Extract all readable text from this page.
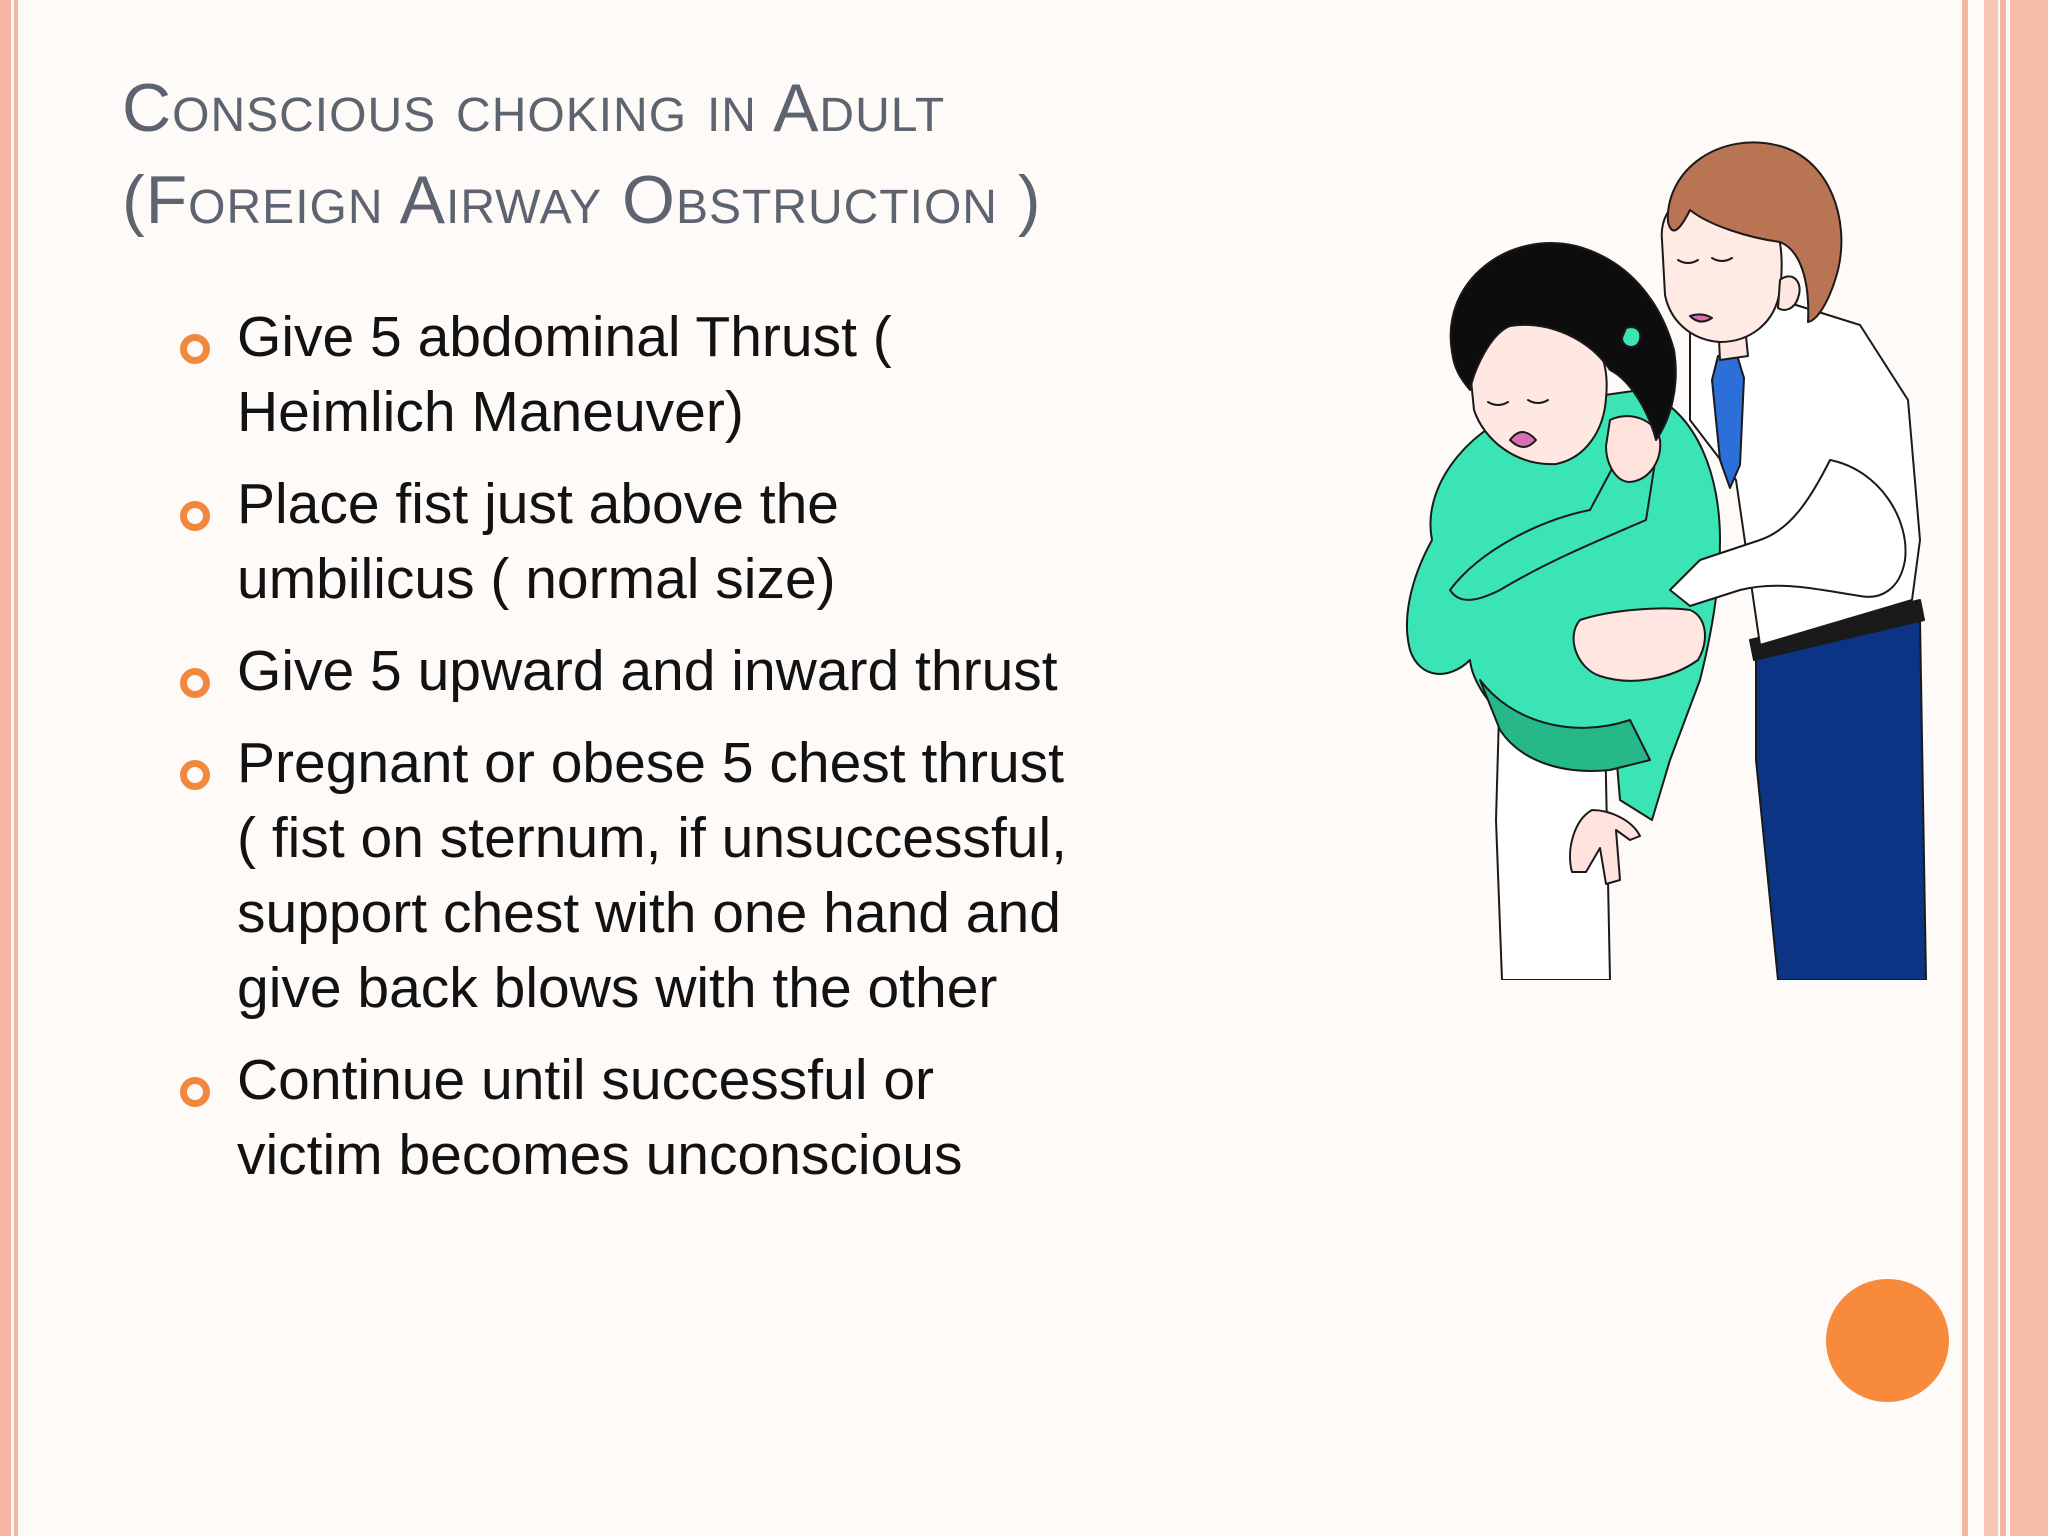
Conscious choking in Adult
(Foreign Airway Obstruction )
Give 5 abdominal Thrust ( Heimlich Maneuver)
Place fist just above the umbilicus ( normal size)
Give 5 upward and inward thrust
Pregnant or obese 5 chest thrust ( fist on sternum, if unsuccessful, support chest with one hand and give back blows with the other
Continue until successful or victim becomes unconscious
